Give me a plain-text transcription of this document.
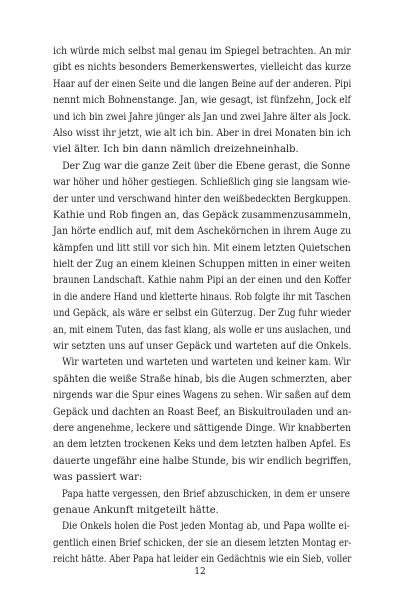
ich würde mich selbst mal genau im Spiegel betrachten. An mir
gibt es nichts besonders Bemerkenswertes, vielleicht das kurze
Haar auf der einen Seite und die langen Beine auf der anderen. Pipi
nennt mich Bohnenstange. Jan, wie gesagt, ist fünfzehn, Jock elf
und ich bin zwei Jahre jünger als Jan und zwei Jahre älter als Jock.
Also wisst ihr jetzt, wie alt ich bin. Aber in drei Monaten bin ich
viel älter. Ich bin dann nämlich dreizehneinhalb.
Der Zug war die ganze Zeit über die Ebene gerast, die Sonne
war höher und höher gestiegen. Schließlich ging sie langsam wie-
der unter und verschwand hinter den weißbedeckten Bergkuppen.
Kathie und Rob fingen an, das Gepäck zusammenzusammeln,
Jan hörte endlich auf, mit dem Aschekörnchen in ihrem Auge zu
kämpfen und litt still vor sich hin. Mit einem letzten Quietschen
hielt der Zug an einem kleinen Schuppen mitten in einer weiten
braunen Landschaft. Kathie nahm Pipi an der einen und den Koffer
in die andere Hand und kletterte hinaus. Rob folgte ihr mit Taschen
und Gepäck, als wäre er selbst ein Güterzug. Der Zug fuhr wieder
an, mit einem Tuten, das fast klang, als wolle er uns auslachen, und
wir setzten uns auf unser Gepäck und warteten auf die Onkels.
Wir warteten und warteten und warteten und keiner kam. Wir
spähten die weiße Straße hinab, bis die Augen schmerzten, aber
nirgends war die Spur eines Wagens zu sehen. Wir saßen auf dem
Gepäck und dachten an Roast Beef, an Biskuitrouladen und an-
dere angenehme, leckere und sättigende Dinge. Wir knabberten
an dem letzten trockenen Keks und dem letzten halben Apfel. Es
dauerte ungefähr eine halbe Stunde, bis wir endlich begriffen,
was passiert war:
Papa hatte vergessen, den Brief abzuschicken, in dem er unsere
genaue Ankunft mitgeteilt hätte.
Die Onkels holen die Post jeden Montag ab, und Papa wollte ei-
gentlich einen Brief schicken, der sie an diesem letzten Montag er-
reicht hätte. Aber Papa hat leider ein Gedächtnis wie ein Sieb, voller
12
